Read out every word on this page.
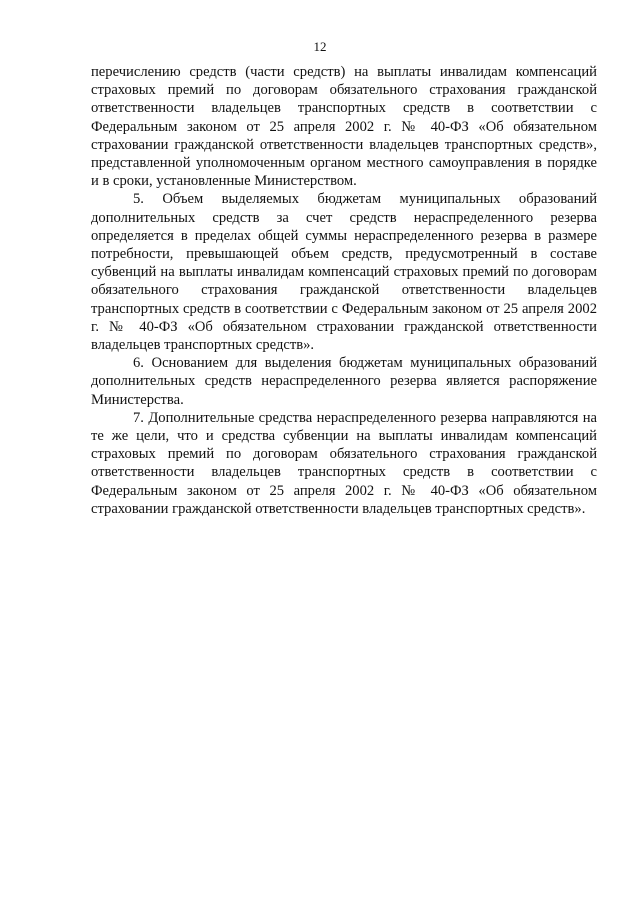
12

перечислению средств (части средств) на выплаты инвалидам компенсаций страховых премий по договорам обязательного страхования гражданской ответственности владельцев транспортных средств в соответствии с Федеральным законом от 25 апреля 2002 г. № 40-ФЗ «Об обязательном страховании гражданской ответственности владельцев транспортных средств», представленной уполномоченным органом местного самоуправления в порядке и в сроки, установленные Министерством.

5. Объем выделяемых бюджетам муниципальных образований дополнительных средств за счет средств нераспределенного резерва определяется в пределах общей суммы нераспределенного резерва в размере потребности, превышающей объем средств, предусмотренный в составе субвенций на выплаты инвалидам компенсаций страховых премий по договорам обязательного страхования гражданской ответственности владельцев транспортных средств в соответствии с Федеральным законом от 25 апреля 2002 г. № 40-ФЗ «Об обязательном страховании гражданской ответственности владельцев транспортных средств».

6. Основанием для выделения бюджетам муниципальных образований дополнительных средств нераспределенного резерва является распоряжение Министерства.

7. Дополнительные средства нераспределенного резерва направляются на те же цели, что и средства субвенции на выплаты инвалидам компенсаций страховых премий по договорам обязательного страхования гражданской ответственности владельцев транспортных средств в соответствии с Федеральным законом от 25 апреля 2002 г. № 40-ФЗ «Об обязательном страховании гражданской ответственности владельцев транспортных средств».
